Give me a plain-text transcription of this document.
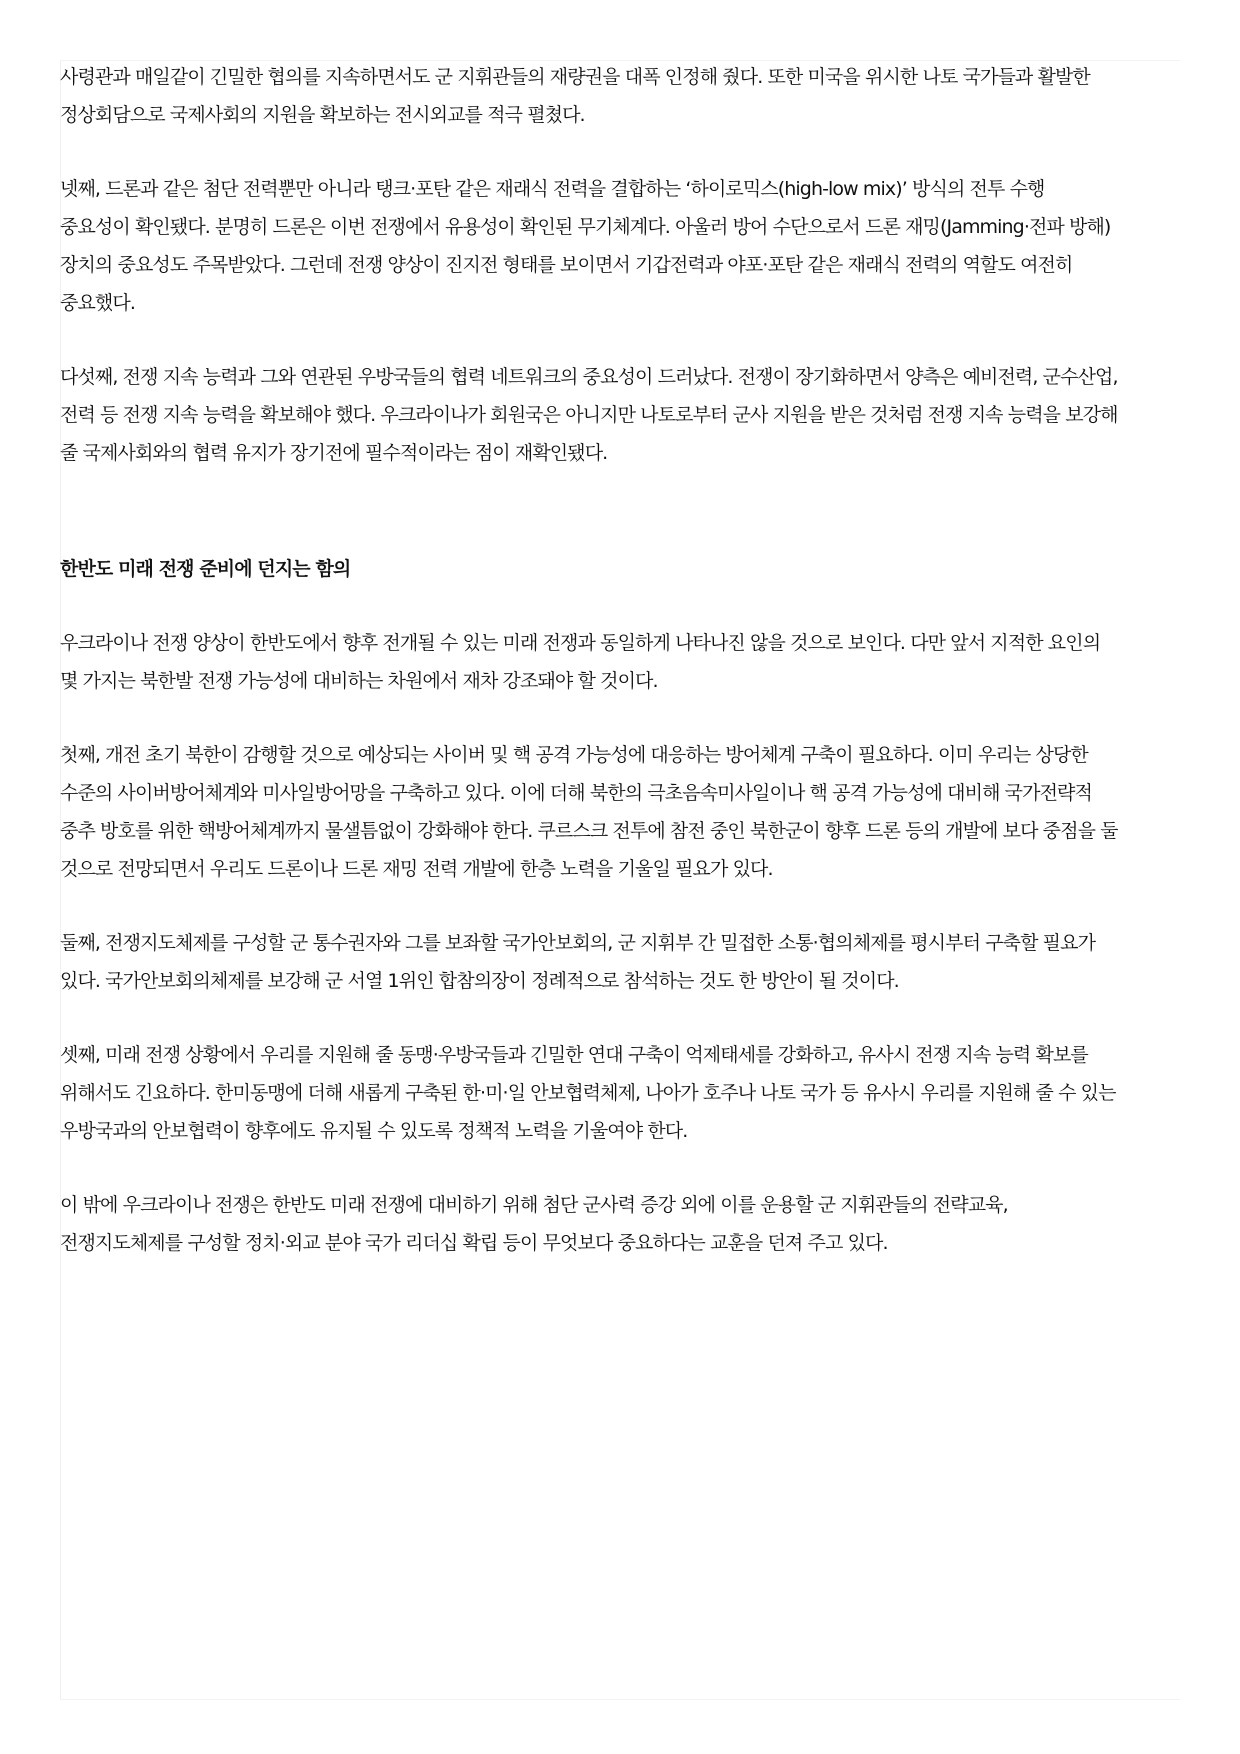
사령관과 매일같이 긴밀한 협의를 지속하면서도 군 지휘관들의 재량권을 대폭 인정해 줬다. 또한 미국을 위시한 나토 국가들과 활발한 정상회담으로 국제사회의 지원을 확보하는 전시외교를 적극 펼쳤다.

넷째, 드론과 같은 첨단 전력뿐만 아니라 탱크·포탄 같은 재래식 전력을 결합하는 ‘하이로믹스(high-low mix)’ 방식의 전투 수행 중요성이 확인됐다. 분명히 드론은 이번 전쟁에서 유용성이 확인된 무기체계다. 아울러 방어 수단으로서 드론 재밍(Jamming·전파 방해) 장치의 중요성도 주목받았다. 그런데 전쟁 양상이 진지전 형태를 보이면서 기갑전력과 야포·포탄 같은 재래식 전력의 역할도 여전히 중요했다.

다섯째, 전쟁 지속 능력과 그와 연관된 우방국들의 협력 네트워크의 중요성이 드러났다. 전쟁이 장기화하면서 양측은 예비전력, 군수산업, 전력 등 전쟁 지속 능력을 확보해야 했다. 우크라이나가 회원국은 아니지만 나토로부터 군사 지원을 받은 것처럼 전쟁 지속 능력을 보강해 줄 국제사회와의 협력 유지가 장기전에 필수적이라는 점이 재확인됐다.

한반도 미래 전쟁 준비에 던지는 함의

우크라이나 전쟁 양상이 한반도에서 향후 전개될 수 있는 미래 전쟁과 동일하게 나타나진 않을 것으로 보인다. 다만 앞서 지적한 요인의 몇 가지는 북한발 전쟁 가능성에 대비하는 차원에서 재차 강조돼야 할 것이다.

첫째, 개전 초기 북한이 감행할 것으로 예상되는 사이버 및 핵 공격 가능성에 대응하는 방어체계 구축이 필요하다. 이미 우리는 상당한 수준의 사이버방어체계와 미사일방어망을 구축하고 있다. 이에 더해 북한의 극초음속미사일이나 핵 공격 가능성에 대비해 국가전략적 중추 방호를 위한 핵방어체계까지 물샐틈없이 강화해야 한다. 쿠르스크 전투에 참전 중인 북한군이 향후 드론 등의 개발에 보다 중점을 둘 것으로 전망되면서 우리도 드론이나 드론 재밍 전력 개발에 한층 노력을 기울일 필요가 있다.

둘째, 전쟁지도체제를 구성할 군 통수권자와 그를 보좌할 국가안보회의, 군 지휘부 간 밀접한 소통·협의체제를 평시부터 구축할 필요가 있다. 국가안보회의체제를 보강해 군 서열 1위인 합참의장이 정례적으로 참석하는 것도 한 방안이 될 것이다.

셋째, 미래 전쟁 상황에서 우리를 지원해 줄 동맹·우방국들과 긴밀한 연대 구축이 억제태세를 강화하고, 유사시 전쟁 지속 능력 확보를 위해서도 긴요하다. 한미동맹에 더해 새롭게 구축된 한·미·일 안보협력체제, 나아가 호주나 나토 국가 등 유사시 우리를 지원해 줄 수 있는 우방국과의 안보협력이 향후에도 유지될 수 있도록 정책적 노력을 기울여야 한다.

이 밖에 우크라이나 전쟁은 한반도 미래 전쟁에 대비하기 위해 첨단 군사력 증강 외에 이를 운용할 군 지휘관들의 전략교육, 전쟁지도체제를 구성할 정치·외교 분야 국가 리더십 확립 등이 무엇보다 중요하다는 교훈을 던져 주고 있다.
